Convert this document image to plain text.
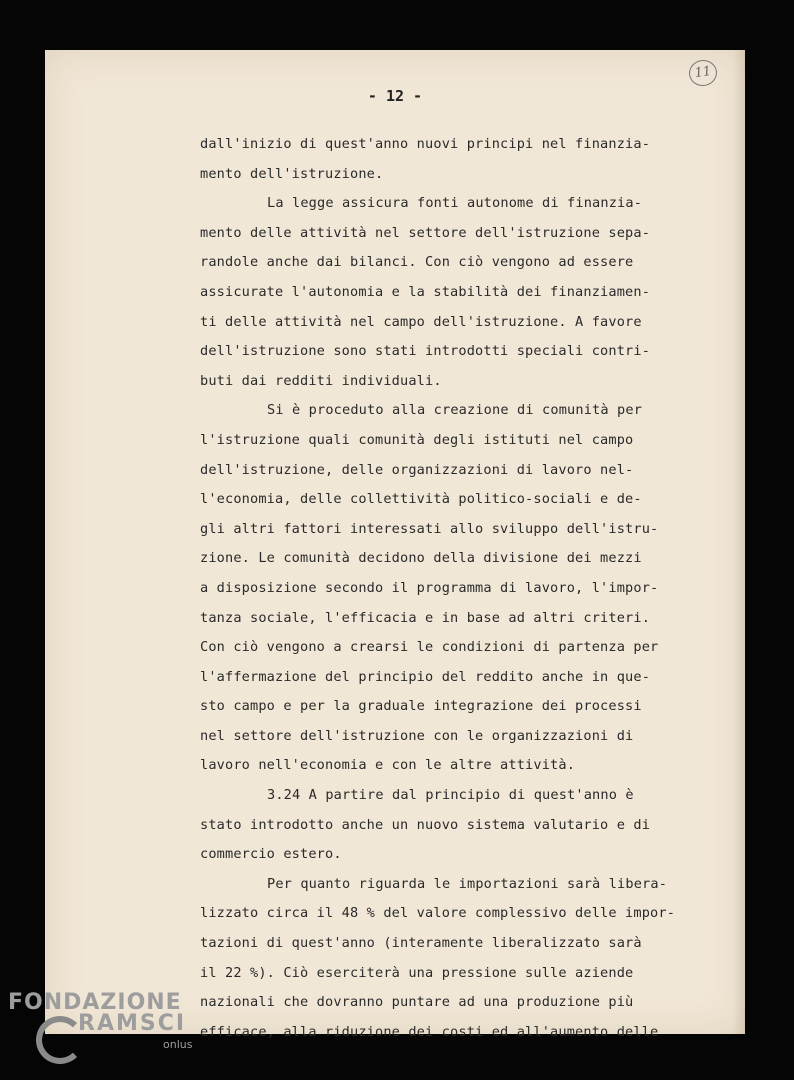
- 12 -
11
dall'inizio di quest'anno nuovi principi nel finanzia-
mento dell'istruzione.
La legge assicura fonti autonome di finanzia-
mento delle attività nel settore dell'istruzione sepa-
randole anche dai bilanci. Con ciò vengono ad essere
assicurate l'autonomia e la stabilità dei finanziamen-
ti delle attività nel campo dell'istruzione. A favore
dell'istruzione sono stati introdotti speciali contri-
buti dai redditi individuali.
Si è proceduto alla creazione di comunità per
l'istruzione quali comunità degli istituti nel campo
dell'istruzione, delle organizzazioni di lavoro nel-
l'economia, delle collettività politico-sociali e de-
gli altri fattori interessati allo sviluppo dell'istru-
zione. Le comunità decidono della divisione dei mezzi
a disposizione secondo il programma di lavoro, l'impor-
tanza sociale, l'efficacia e in base ad altri criteri.
Con ciò vengono a crearsi le condizioni di partenza per
l'affermazione del principio del reddito anche in que-
sto campo e per la graduale integrazione dei processi
nel settore dell'istruzione con le organizzazioni di
lavoro nell'economia e con le altre attività.
3.24 A partire dal principio di quest'anno è
stato introdotto anche un nuovo sistema valutario e di
commercio estero.
Per quanto riguarda le importazioni sarà libera-
lizzato circa il 48 % del valore complessivo delle impor-
tazioni di quest'anno (interamente liberalizzato sarà
il 22 %). Ciò eserciterà una pressione sulle aziende
nazionali che dovranno puntare ad una produzione più
efficace, alla riduzione dei costi ed all'aumento delle
FONDAZIONE
RAMSCI
onlus
